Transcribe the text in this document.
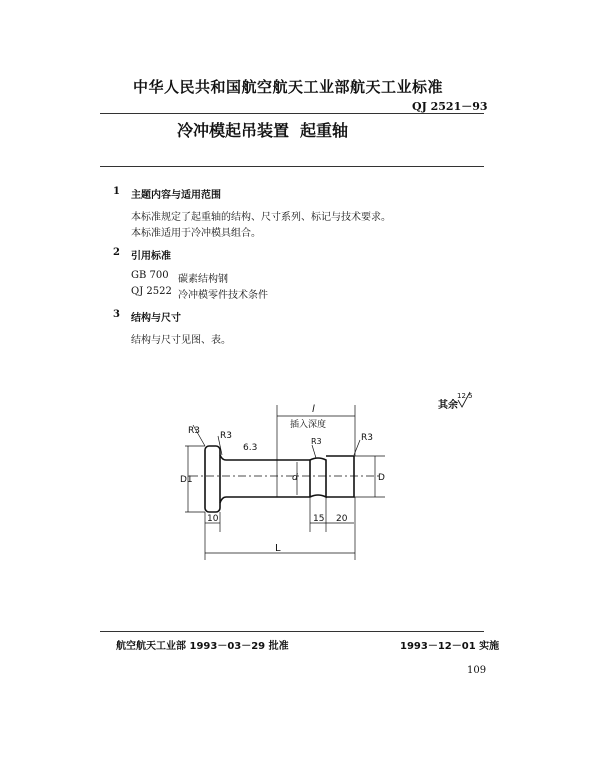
中华人民共和国航空航天工业部航天工业标准
QJ 2521－93
冷冲模起吊装置 起重轴
1 主题内容与适用范围
本标准规定了起重轴的结构、尺寸系列、标记与技术要求。
本标准适用于冷冲模具组合。
2 引用标准
GB 700 碳素结构钢
QJ 2522 冷冲模零件技术条件
3 结构与尺寸
结构与尺寸见图、表。
R3 R3
6.3
R3	R3
D1	d	D
10	15 20
L
l
插入深度
其余
12.5
航空航天工业部 1993－03－29 批准	1993－12－01 实施
109
